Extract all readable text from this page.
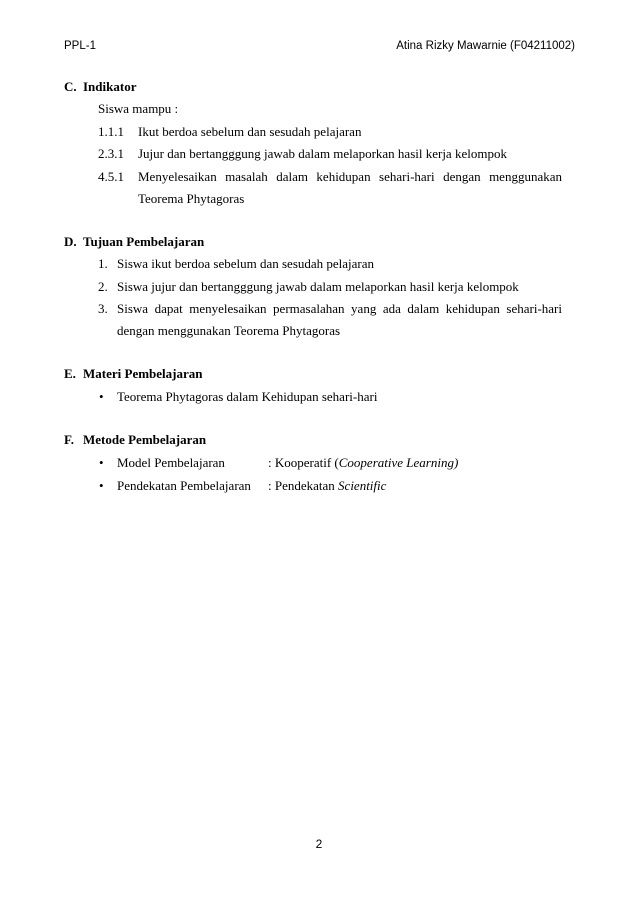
PPL-1	Atina Rizky Mawarnie (F04211002)
C. Indikator
Siswa mampu :
1.1.1 Ikut berdoa sebelum dan sesudah pelajaran
2.3.1 Jujur dan bertangggung jawab dalam melaporkan hasil kerja kelompok
4.5.1 Menyelesaikan masalah dalam kehidupan sehari-hari dengan menggunakan
Teorema Phytagoras
D. Tujuan Pembelajaran
1. Siswa ikut berdoa sebelum dan sesudah pelajaran
2. Siswa jujur dan bertangggung jawab dalam melaporkan hasil kerja kelompok
3. Siswa dapat menyelesaikan permasalahan yang ada dalam kehidupan sehari-hari
dengan menggunakan Teorema Phytagoras
E. Materi Pembelajaran
• Teorema Phytagoras dalam Kehidupan sehari-hari
F. Metode Pembelajaran
• Model Pembelajaran	: Kooperatif (Cooperative Learning)
• Pendekatan Pembelajaran : Pendekatan Scientific
2
